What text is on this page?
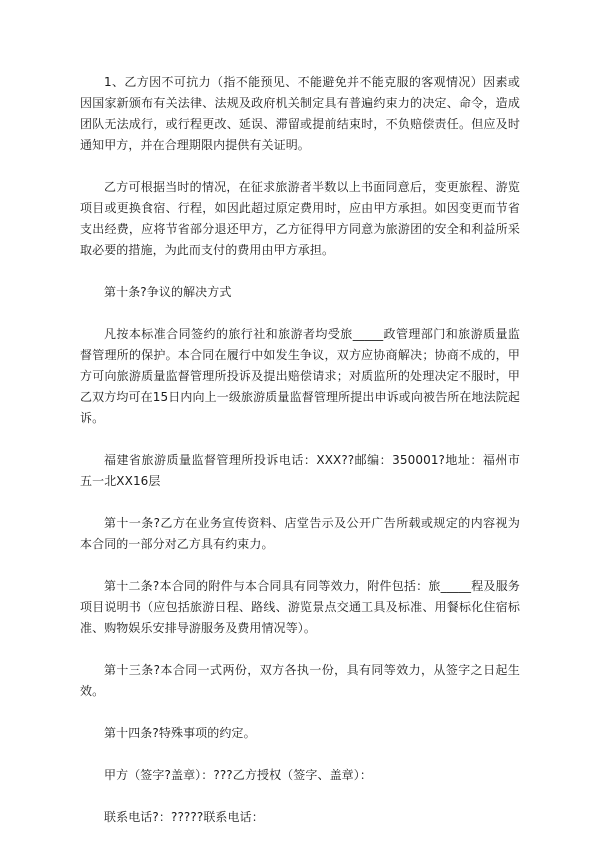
1、乙方因不可抗力（指不能预见、不能避免并不能克服的客观情况）因素或因国家新颁布有关法律、法规及政府机关制定具有普遍约束力的决定、命令，造成团队无法成行，或行程更改、延误、滞留或提前结束时，不负赔偿责任。但应及时通知甲方，并在合理期限内提供有关证明。

乙方可根据当时的情况，在征求旅游者半数以上书面同意后，变更旅程、游览项目或更换食宿、行程，如因此超过原定费用时，应由甲方承担。如因变更而节省支出经费，应将节省部分退还甲方，乙方征得甲方同意为旅游团的安全和利益所采取必要的措施，为此而支付的费用由甲方承担。

第十条?争议的解决方式

凡按本标准合同签约的旅行社和旅游者均受旅_____政管理部门和旅游质量监督管理所的保护。本合同在履行中如发生争议，双方应协商解决；协商不成的，甲方可向旅游质量监督管理所投诉及提出赔偿请求；对质监所的处理决定不服时，甲乙双方均可在15日内向上一级旅游质量监督管理所提出申诉或向被告所在地法院起诉。

福建省旅游质量监督管理所投诉电话：XXX??邮编：350001?地址：福州市五一北XX16层

第十一条?乙方在业务宣传资料、店堂告示及公开广告所载或规定的内容视为本合同的一部分对乙方具有约束力。

第十二条?本合同的附件与本合同具有同等效力，附件包括：旅_____程及服务项目说明书（应包括旅游日程、路线、游览景点交通工具及标准、用餐标化住宿标准、购物娱乐安排导游服务及费用情况等）。

第十三条?本合同一式两份，双方各执一份，具有同等效力，从签字之日起生效。

第十四条?特殊事项的约定。

甲方（签字?盖章）：???乙方授权（签字、盖章）：

联系电话?：?????联系电话：
